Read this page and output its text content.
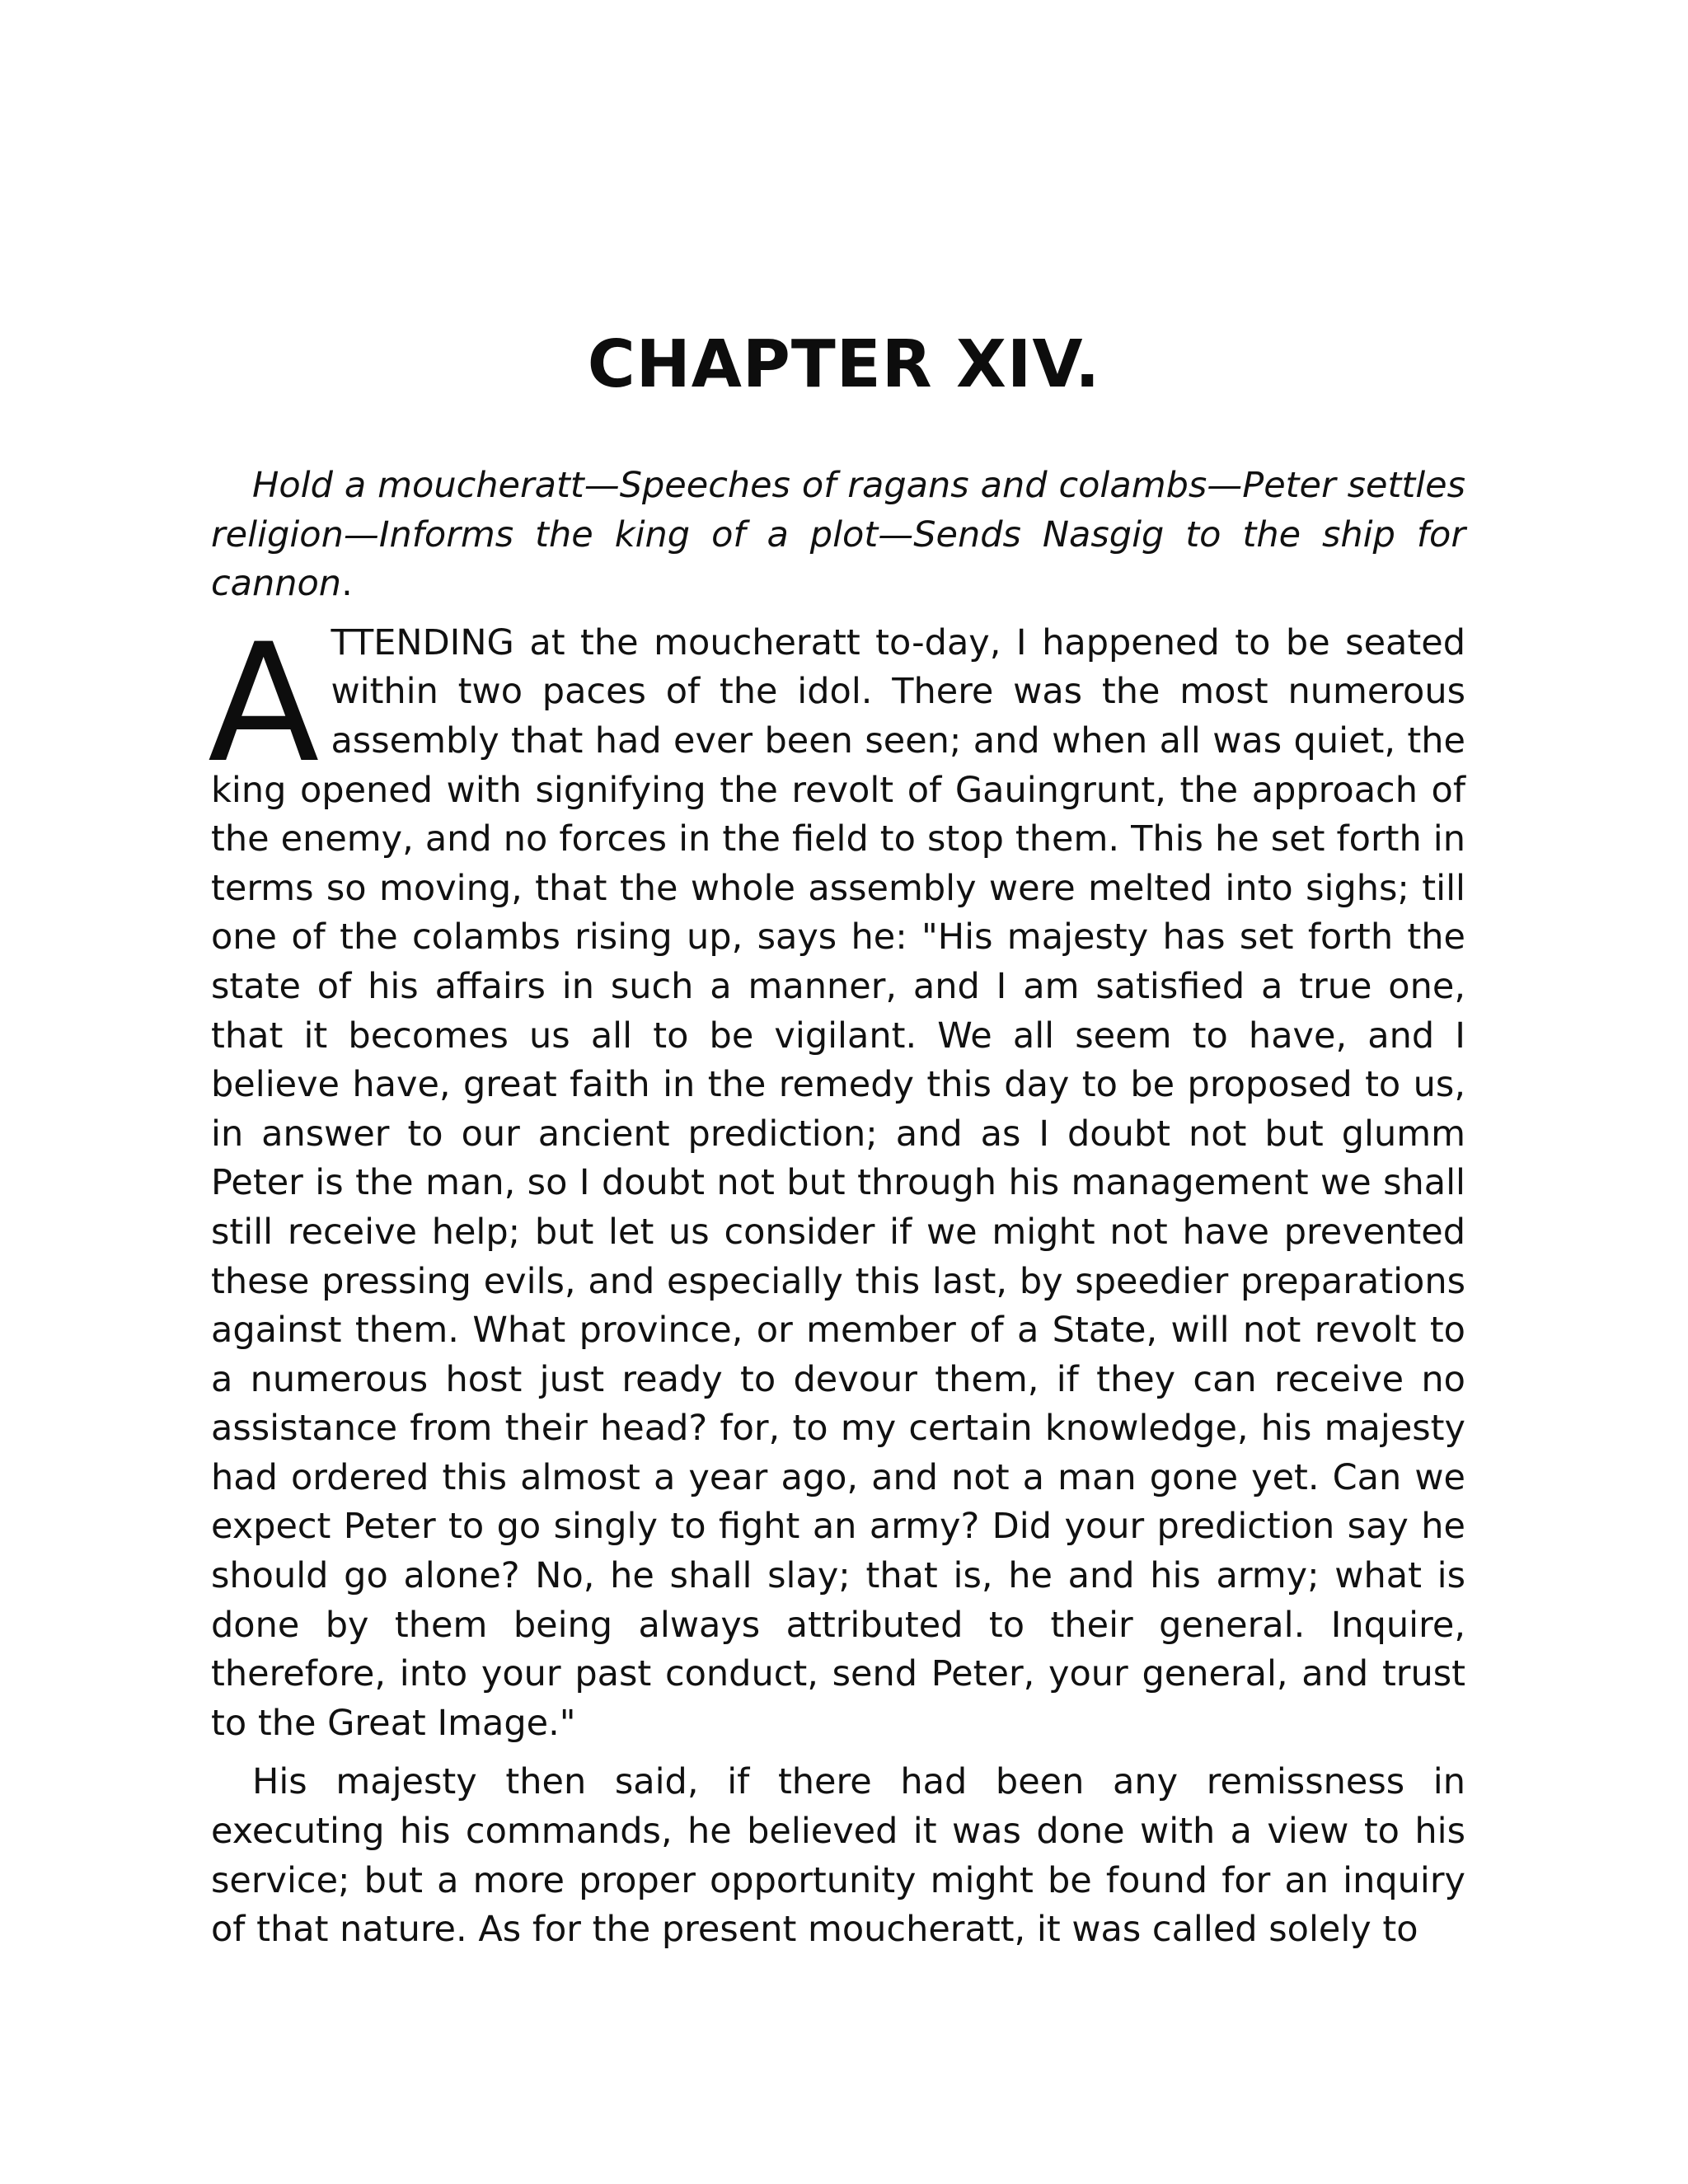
CHAPTER XIV.

Hold a moucheratt—Speeches of ragans and colambs—Peter settles religion—Informs the king of a plot—Sends Nasgig to the ship for cannon.

ATTENDING at the moucheratt to-day, I happened to be seated within two paces of the idol. There was the most numerous assembly that had ever been seen; and when all was quiet, the king opened with signifying the revolt of Gauingrunt, the approach of the enemy, and no forces in the field to stop them. This he set forth in terms so moving, that the whole assembly were melted into sighs; till one of the colambs rising up, says he: "His majesty has set forth the state of his affairs in such a manner, and I am satisfied a true one, that it becomes us all to be vigilant. We all seem to have, and I believe have, great faith in the remedy this day to be proposed to us, in answer to our ancient prediction; and as I doubt not but glumm Peter is the man, so I doubt not but through his management we shall still receive help; but let us consider if we might not have prevented these pressing evils, and especially this last, by speedier preparations against them. What province, or member of a State, will not revolt to a numerous host just ready to devour them, if they can receive no assistance from their head? for, to my certain knowledge, his majesty had ordered this almost a year ago, and not a man gone yet. Can we expect Peter to go singly to fight an army? Did your prediction say he should go alone? No, he shall slay; that is, he and his army; what is done by them being always attributed to their general. Inquire, therefore, into your past conduct, send Peter, your general, and trust to the Great Image."

His majesty then said, if there had been any remissness in executing his commands, he believed it was done with a view to his service; but a more proper opportunity might be found for an inquiry of that nature. As for the present moucheratt, it was called solely to
